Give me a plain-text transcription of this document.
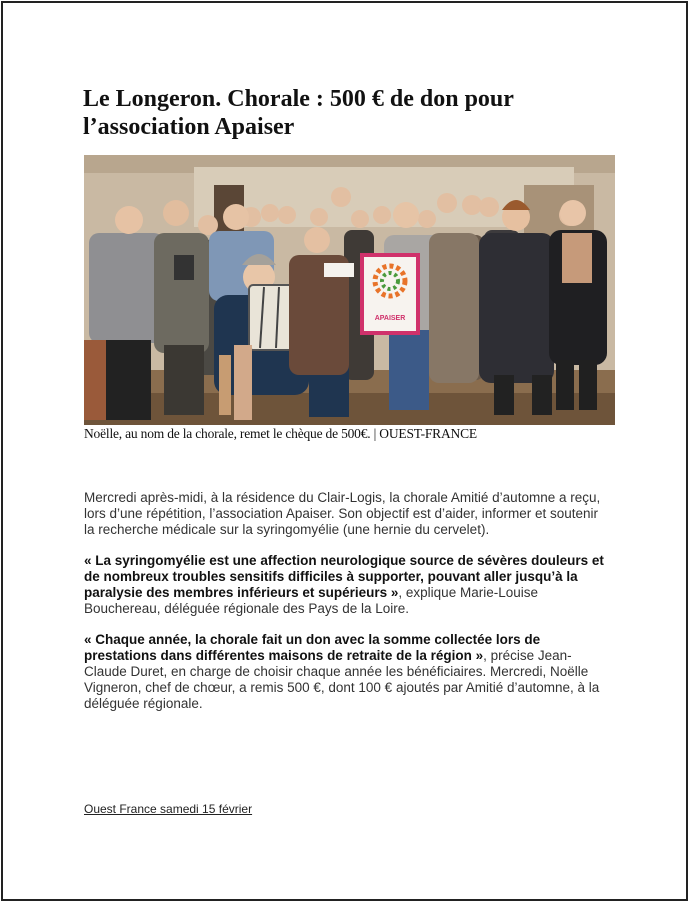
Le Longeron. Chorale : 500 € de don pour l’association Apaiser
APAISER
Noëlle, au nom de la chorale, remet le chèque de 500€. | OUEST-FRANCE

Mercredi après-midi, à la résidence du Clair-Logis, la chorale Amitié d’automne a reçu, lors d’une répétition, l’association Apaiser. Son objectif est d’aider, informer et soutenir la recherche médicale sur la syringomyélie (une hernie du cervelet).

« La syringomyélie est une affection neurologique source de sévères douleurs et de nombreux troubles sensitifs difficiles à supporter, pouvant aller jusqu’à la paralysie des membres inférieurs et supérieurs », explique Marie-Louise Bouchereau, déléguée régionale des Pays de la Loire.

« Chaque année, la chorale fait un don avec la somme collectée lors de prestations dans différentes maisons de retraite de la région », précise Jean-Claude Duret, en charge de choisir chaque année les bénéficiaires. Mercredi, Noëlle Vigneron, chef de chœur, a remis 500 €, dont 100 € ajoutés par Amitié d’automne, à la déléguée régionale.

Ouest France samedi 15 février
